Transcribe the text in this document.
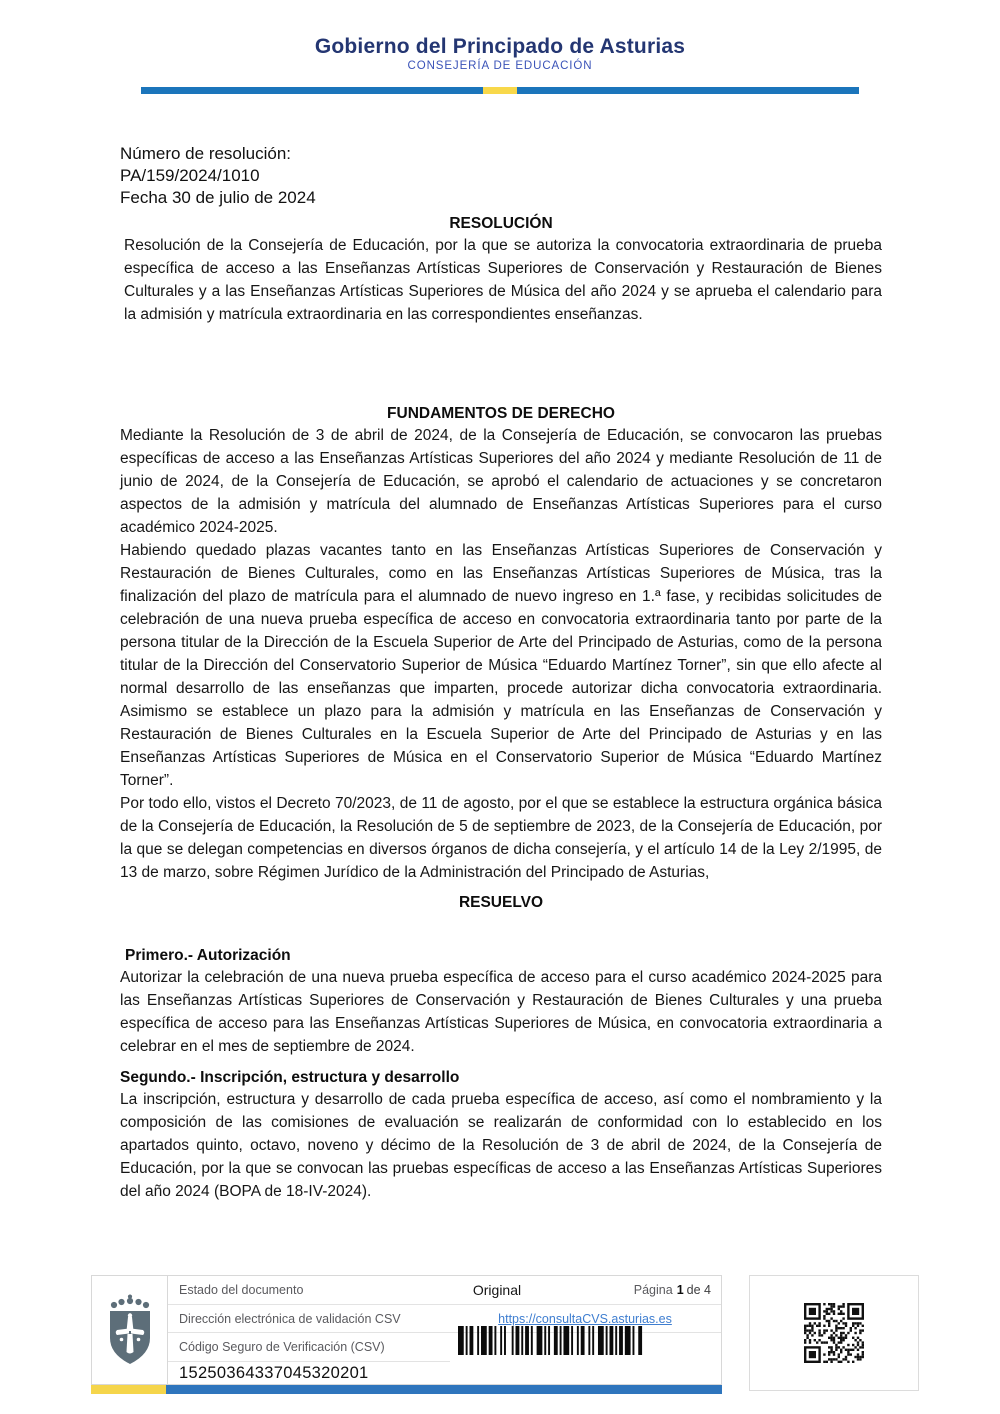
Gobierno del Principado de Asturias
CONSEJERÍA DE EDUCACIÓN
Número de resolución:
PA/159/2024/1010
Fecha 30 de julio de 2024
RESOLUCIÓN

Resolución de la Consejería de Educación, por la que se autoriza la convocatoria extraordinaria de prueba específica de acceso a las Enseñanzas Artísticas Superiores de Conservación y Restauración de Bienes Culturales y a las Enseñanzas Artísticas Superiores de Música del año 2024 y se aprueba el calendario para la admisión y matrícula extraordinaria en las correspondientes enseñanzas.

FUNDAMENTOS DE DERECHO

Mediante la Resolución de 3 de abril de 2024, de la Consejería de Educación, se convocaron las pruebas específicas de acceso a las Enseñanzas Artísticas Superiores del año 2024 y mediante Resolución de 11 de junio de 2024, de la Consejería de Educación, se aprobó el calendario de actuaciones y se concretaron aspectos de la admisión y matrícula del alumnado de Enseñanzas Artísticas Superiores para el curso académico 2024-2025.

Habiendo quedado plazas vacantes tanto en las Enseñanzas Artísticas Superiores de Conservación y Restauración de Bienes Culturales, como en las Enseñanzas Artísticas Superiores de Música, tras la finalización del plazo de matrícula para el alumnado de nuevo ingreso en 1.ª fase, y recibidas solicitudes de celebración de una nueva prueba específica de acceso en convocatoria extraordinaria tanto por parte de la persona titular de la Dirección de la Escuela Superior de Arte del Principado de Asturias, como de la persona titular de la Dirección del Conservatorio Superior de Música “Eduardo Martínez Torner”, sin que ello afecte al normal desarrollo de las enseñanzas que imparten, procede autorizar dicha convocatoria extraordinaria. Asimismo se establece un plazo para la admisión y matrícula en las Enseñanzas de Conservación y Restauración de Bienes Culturales en la Escuela Superior de Arte del Principado de Asturias y en las Enseñanzas Artísticas Superiores de Música en el Conservatorio Superior de Música “Eduardo Martínez Torner”.

Por todo ello, vistos el Decreto 70/2023, de 11 de agosto, por el que se establece la estructura orgánica básica de la Consejería de Educación, la Resolución de 5 de septiembre de 2023, de la Consejería de Educación, por la que se delegan competencias en diversos órganos de dicha consejería, y el artículo 14 de la Ley 2/1995, de 13 de marzo, sobre Régimen Jurídico de la Administración del Principado de Asturias,

RESUELVO
Primero.- Autorización

Autorizar la celebración de una nueva prueba específica de acceso para el curso académico 2024-2025 para las Enseñanzas Artísticas Superiores de Conservación y Restauración de Bienes Culturales y una prueba específica de acceso para las Enseñanzas Artísticas Superiores de Música, en convocatoria extraordinaria a celebrar en el mes de septiembre de 2024.

Segundo.- Inscripción, estructura y desarrollo

La inscripción, estructura y desarrollo de cada prueba específica de acceso, así como el nombramiento y la composición de las comisiones de evaluación se realizarán de conformidad con lo establecido en los apartados quinto, octavo, noveno y décimo de la Resolución de 3 de abril de 2024, de la Consejería de Educación, por la que se convocan las pruebas específicas de acceso a las Enseñanzas Artísticas Superiores del año 2024 (BOPA de 18-IV-2024).

Estado del documento	Original	Página 1 de 4
Dirección electrónica de validación CSV	https://consultaCVS.asturias.es
Código Seguro de Verificación (CSV)
15250364337045320201
